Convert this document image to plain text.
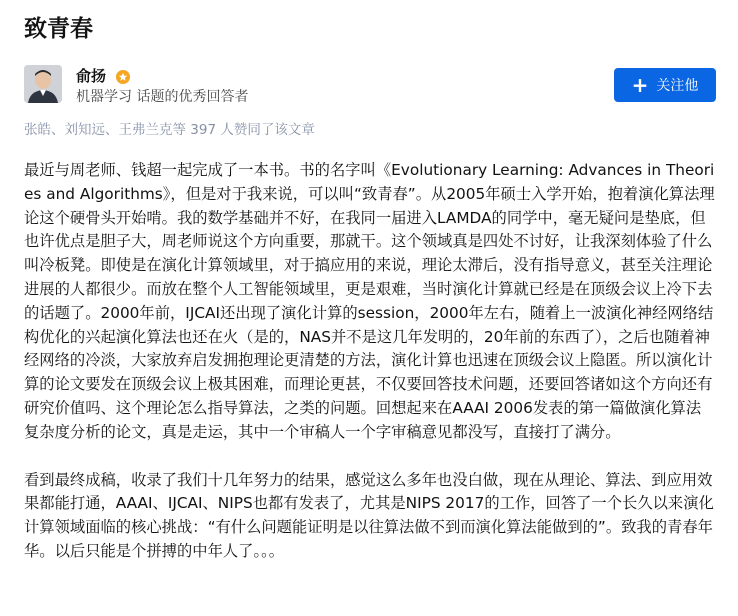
致青春
俞扬
机器学习 话题的优秀回答者	+ 关注他
张皓、刘知远、王弗兰克等 397 人赞同了该文章

最近与周老师、钱超一起完成了一本书。书的名字叫《Evolutionary Learning: Advances in Theories and Algorithms》，但是对于我来说，可以叫“致青春”。从2005年硕士入学开始，抱着演化算法理论这个硬骨头开始啃。我的数学基础并不好，在我同一届进入LAMDA的同学中，毫无疑问是垫底，但也许优点是胆子大，周老师说这个方向重要，那就干。这个领域真是四处不讨好，让我深刻体验了什么叫冷板凳。即使是在演化计算领域里，对于搞应用的来说，理论太滞后，没有指导意义，甚至关注理论进展的人都很少。而放在整个人工智能领域里，更是艰难，当时演化计算就已经是在顶级会议上冷下去的话题了。2000年前，IJCAI还出现了演化计算的session，2000年左右，随着上一波演化神经网络结构优化的兴起演化算法也还在火（是的，NAS并不是这几年发明的，20年前的东西了），之后也随着神经网络的冷淡，大家放弃启发拥抱理论更清楚的方法，演化计算也迅速在顶级会议上隐匿。所以演化计算的论文要发在顶级会议上极其困难，而理论更甚，不仅要回答技术问题，还要回答诸如这个方向还有研究价值吗、这个理论怎么指导算法，之类的问题。回想起来在AAAI 2006发表的第一篇做演化算法复杂度分析的论文，真是走运，其中一个审稿人一个字审稿意见都没写，直接打了满分。

看到最终成稿，收录了我们十几年努力的结果，感觉这么多年也没白做，现在从理论、算法、到应用效果都能打通，AAAI、IJCAI、NIPS也都有发表了，尤其是NIPS 2017的工作，回答了一个长久以来演化计算领域面临的核心挑战：“有什么问题能证明是以往算法做不到而演化算法能做到的”。致我的青春年华。以后只能是个拼搏的中年人了。。。
